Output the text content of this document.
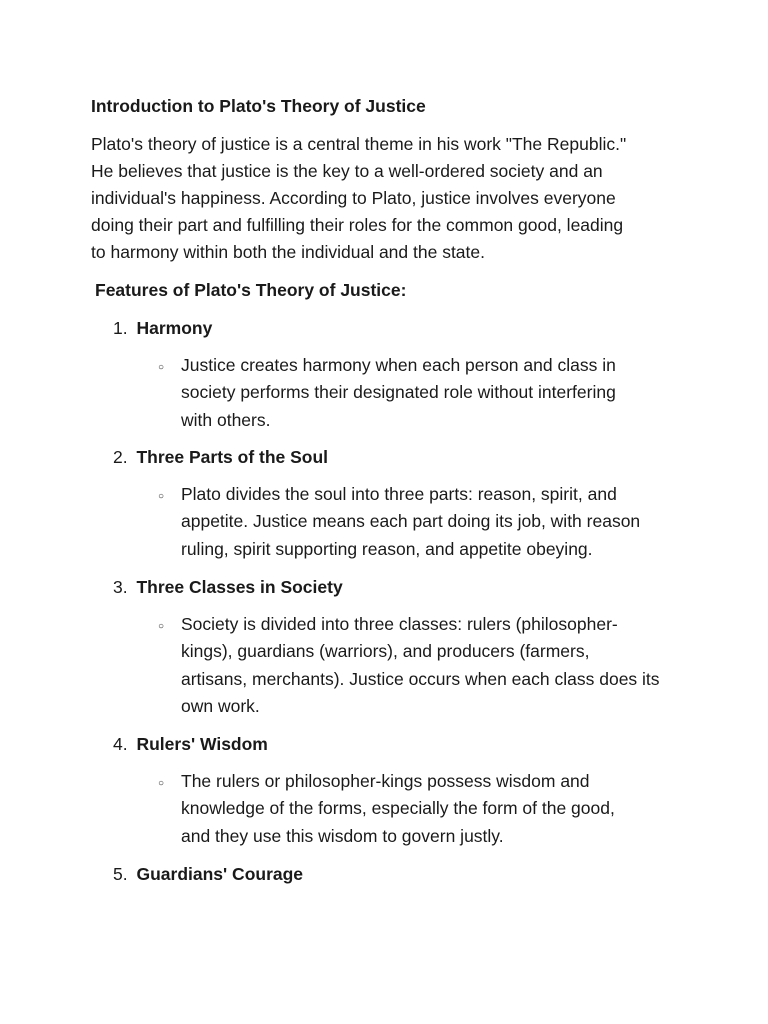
Introduction to Plato's Theory of Justice

Plato's theory of justice is a central theme in his work "The Republic."
He believes that justice is the key to a well-ordered society and an
individual's happiness. According to Plato, justice involves everyone
doing their part and fulfilling their roles for the common good, leading
to harmony within both the individual and the state.

Features of Plato's Theory of Justice:
1. Harmony
○ Justice creates harmony when each person and class in
society performs their designated role without interfering
with others.

2. Three Parts of the Soul
○ Plato divides the soul into three parts: reason, spirit, and
appetite. Justice means each part doing its job, with reason
ruling, spirit supporting reason, and appetite obeying.

3. Three Classes in Society
○ Society is divided into three classes: rulers (philosopher-
kings), guardians (warriors), and producers (farmers,
artisans, merchants). Justice occurs when each class does its
own work.

4. Rulers' Wisdom
○ The rulers or philosopher-kings possess wisdom and
knowledge of the forms, especially the form of the good,
and they use this wisdom to govern justly.

5. Guardians' Courage
